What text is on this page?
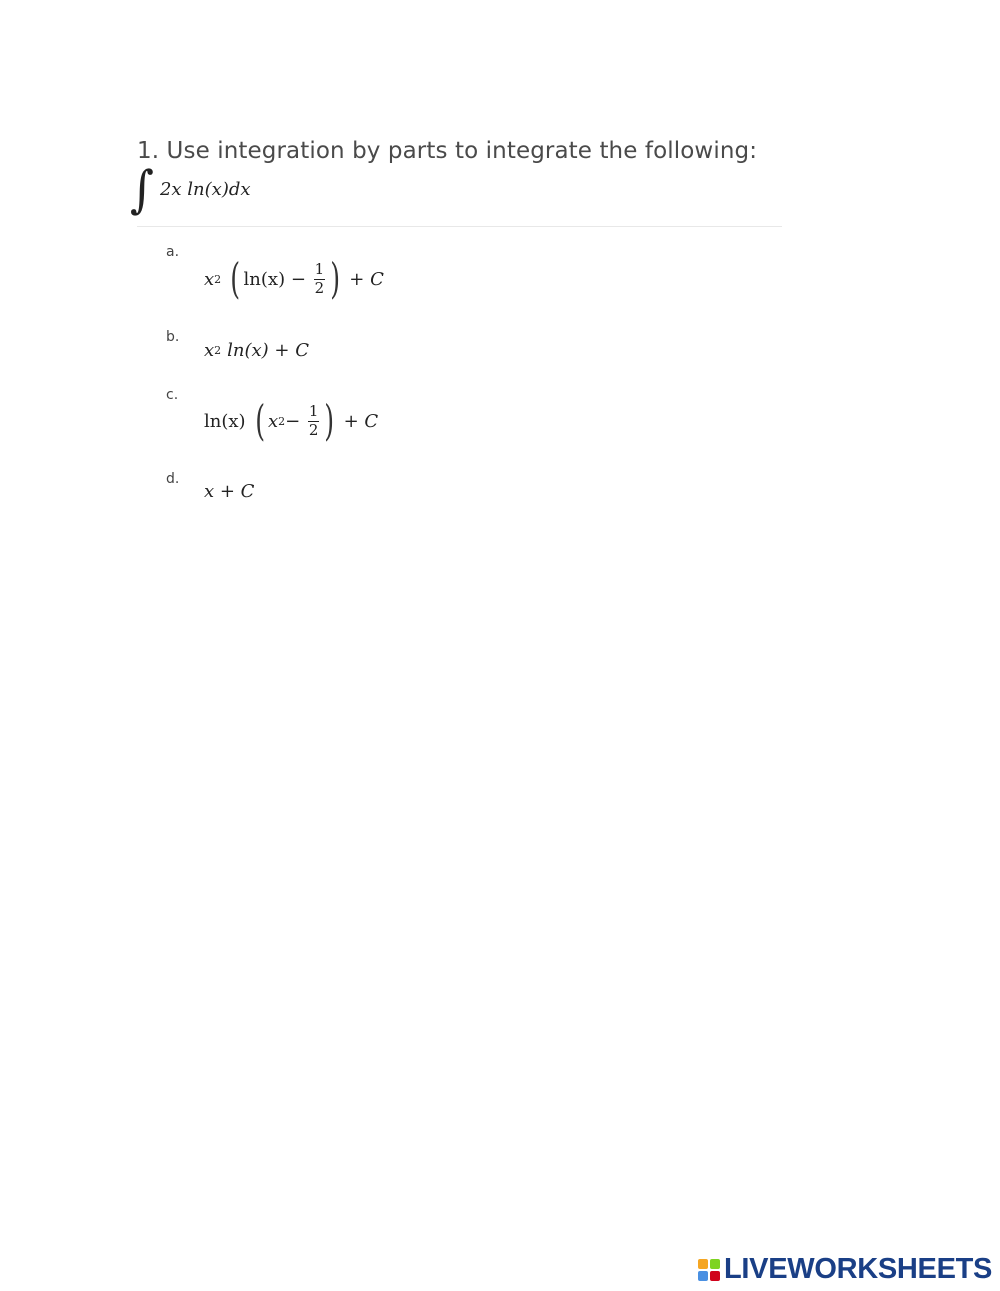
1. Use integration by parts to integrate the following:
∫ 2x ln(x)dx
a.
x 2 ( $\ln(x) - \frac{1}{2}$ ) + C
b.
x 2 ln(x) + C
c.
ln(x) ( x $2 - \frac{1}{2}$ ) + C
d.
x + C
LIVEWORKSHEETS
